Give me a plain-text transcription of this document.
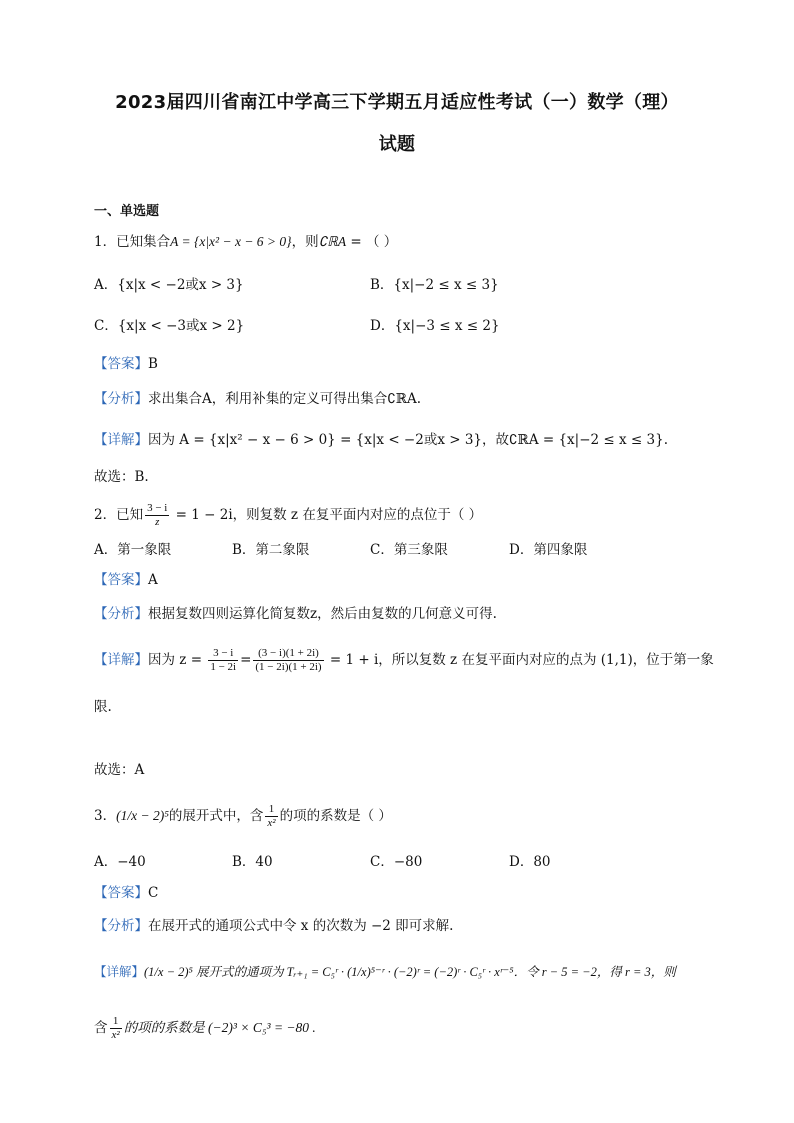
2023届四川省南江中学高三下学期五月适应性考试（一）数学（理）
试题
一、单选题
1．已知集合A = {x|x² − x − 6 > 0}，则∁ℝA = （ ）
A．{x|x < −2或x > 3}	B．{x|−2 ≤ x ≤ 3}
C．{x|x < −3或x > 2}	D．{x|−3 ≤ x ≤ 2}
【答案】B
【分析】求出集合A，利用补集的定义可得出集合∁ℝA.
【详解】因为 A = {x|x² − x − 6 > 0} = {x|x < −2或x > 3}，故∁ℝA = {x|−2 ≤ x ≤ 3}.
故选：B.
2．已知 $\frac{3 - i}{z} = 1 - 2i$，则复数 z 在复平面内对应的点位于（ ）
A．第一象限	B．第二象限	C．第三象限	D．第四象限
【答案】A
【分析】根据复数四则运算化简复数z，然后由复数的几何意义可得.
【详解】因为 $z = \frac{3 - i}{1 - 2i} = \frac{(3 - i)(1 + 2i)}{(1 - 2i)(1 + 2i)} = 1 + i$，所以复数 z 在复平面内对应的点为 (1,1)，位于第一象
限.
故选：A
3．(1/x − 2)⁵的展开式中，含 $\frac{1}{\text{x²}}$ 的项的系数是（ ）
A．−40	B．40	C．−80	D．80
【答案】C
【分析】在展开式的通项公式中令 x 的次数为 −2 即可求解.
【详解】(1/x − 2)⁵ 展开式的通项为 Tᵣ₊₁ = C₅ʳ · (1/x)⁵⁻ʳ · (−2)ʳ = (−2)ʳ · C₅ʳ · xʳ⁻⁵．令 r − 5 = −2，得 r = 3，则
含 $\frac{1}{\text{x²}}$ 的项的系数是 (−2)³ × C₅³ = −80 .
